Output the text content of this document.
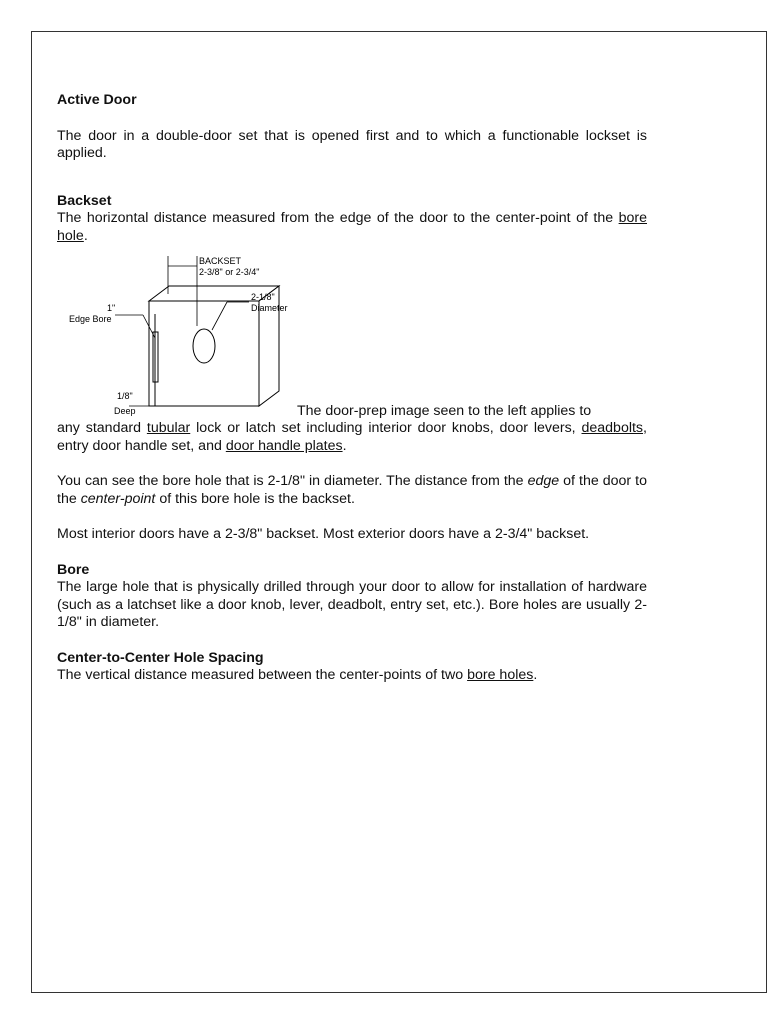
Active Door

The door in a double-door set that is opened first and to which a functionable lockset is applied.

Backset

The horizontal distance measured from the edge of the door to the center-point of the bore hole.

BACKSET
2-3/8" or 2-3/4"
2-1/8"
Diameter
1"
Edge Bore
1/8"
Deep	The door-prep image seen to the left applies to

any standard tubular lock or latch set including interior door knobs, door levers, deadbolts, entry door handle set, and door handle plates.

You can see the bore hole that is 2-1/8" in diameter. The distance from the edge of the door to the center-point of this bore hole is the backset.

Most interior doors have a 2-3/8" backset. Most exterior doors have a 2-3/4" backset.

Bore

The large hole that is physically drilled through your door to allow for installation of hardware (such as a latchset like a door knob, lever, deadbolt, entry set, etc.). Bore holes are usually 2-1/8" in diameter.

Center-to-Center Hole Spacing

The vertical distance measured between the center-points of two bore holes.
